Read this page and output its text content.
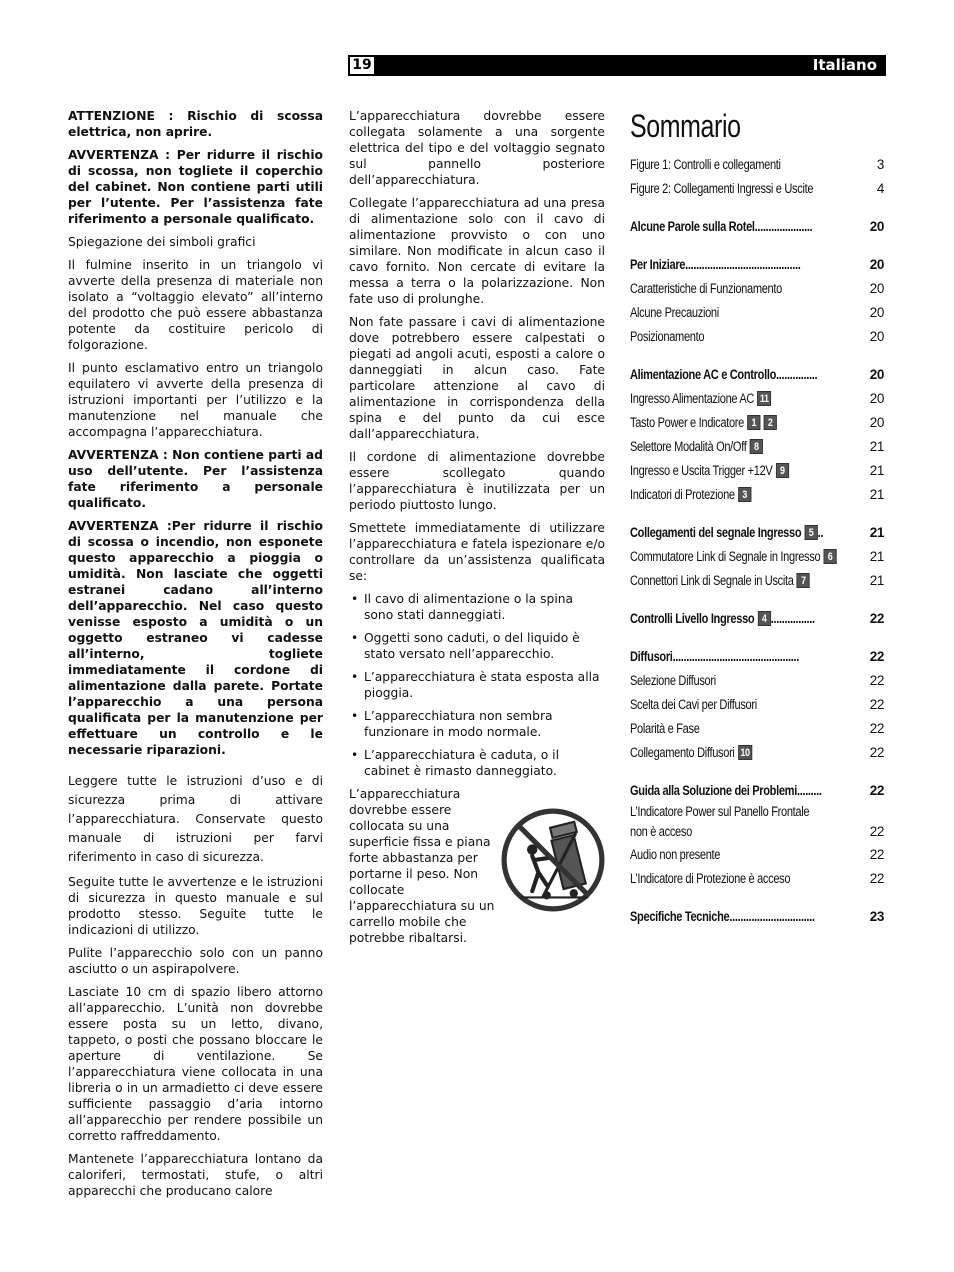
19	Italiano

ATTENZIONE : Rischio di scossa elettrica, non aprire.

AVVERTENZA : Per ridurre il rischio di scossa, non togliete il coperchio del cabinet. Non contiene parti utili per l’utente. Per l’assistenza fate riferimento a personale qualificato.

Spiegazione dei simboli grafici

Il fulmine inserito in un triangolo vi avverte della presenza di materiale non isolato a “voltaggio elevato” all’interno del prodotto che può essere abbastanza potente da costituire pericolo di folgorazione.

Il punto esclamativo entro un triangolo equilatero vi avverte della presenza di istruzioni importanti per l’utilizzo e la manutenzione nel manuale che accompagna l’apparecchiatura.

AVVERTENZA : Non contiene parti ad uso dell’utente. Per l’assistenza fate riferimento a personale qualificato.

AVVERTENZA :Per ridurre il rischio di scossa o incendio, non esponete questo apparecchio a pioggia o umidità. Non lasciate che oggetti estranei cadano all’interno dell’apparecchio. Nel caso questo venisse esposto a umidità o un oggetto estraneo vi cadesse all’interno, togliete immediatamente il cordone di alimentazione dalla parete. Portate l’apparecchio a una persona qualificata per la manutenzione per effettuare un controllo e le necessarie riparazioni.

Leggere tutte le istruzioni d’uso e di sicurezza prima di attivare l’apparecchiatura. Conservate questo manuale di istruzioni per farvi riferimento in caso di sicurezza.

Seguite tutte le avvertenze e le istruzioni di sicurezza in questo manuale e sul prodotto stesso. Seguite tutte le indicazioni di utilizzo.

Pulite l’apparecchio solo con un panno asciutto o un aspirapolvere.

Lasciate 10 cm di spazio libero attorno all’apparecchio. L’unità non dovrebbe essere posta su un letto, divano, tappeto, o posti che possano bloccare le aperture di ventilazione. Se l’apparecchiatura viene collocata in una libreria o in un armadietto ci deve essere sufficiente passaggio d’aria intorno all’apparecchio per rendere possibile un corretto raffreddamento.

Mantenete l’apparecchiatura lontano da caloriferi, termostati, stufe, o altri apparecchi che producano calore

L’apparecchiatura dovrebbe essere collegata solamente a una sorgente elettrica del tipo e del voltaggio segnato sul pannello posteriore dell’apparecchiatura.

Collegate l’apparecchiatura ad una presa di alimentazione solo con il cavo di alimentazione provvisto o con uno similare. Non modificate in alcun caso il cavo fornito. Non cercate di evitare la messa a terra o la polarizzazione. Non fate uso di prolunghe.

Non fate passare i cavi di alimentazione dove potrebbero essere calpestati o piegati ad angoli acuti, esposti a calore o danneggiati in alcun caso. Fate particolare attenzione al cavo di alimentazione in corrispondenza della spina e del punto da cui esce dall’apparecchiatura.

Il cordone di alimentazione dovrebbe essere scollegato quando l’apparecchiatura è inutilizzata per un periodo piuttosto lungo.

Smettete immediatamente di utilizzare l’apparecchiatura e fatela ispezionare e/o controllare da un’assistenza qualificata se:

• Il cavo di alimentazione o la spina sono stati danneggiati.
• Oggetti sono caduti, o del liquido è stato versato nell’apparecchio.
• L’apparecchiatura è stata esposta alla pioggia.
• L’apparecchiatura non sembra funzionare in modo normale.
• L’apparecchiatura è caduta, o il cabinet è rimasto danneggiato.

L’apparecchiatura dovrebbe essere collocata su una superficie fissa e piana forte abbastanza per portarne il peso. Non collocate l’apparecchiatura su un carrello mobile che potrebbe ribaltarsi.

Sommario
Figure 1: Controlli e collegamenti	3
Figure 2: Collegamenti Ingressi e Uscite	4
Alcune Parole sulla Rotel .....................	20
Per Iniziare ..........................................	20
Caratteristiche di Funzionamento	20
Alcune Precauzioni	20
Posizionamento	20
Alimentazione AC e Controllo ...............	20
Ingresso Alimentazione AC 11	20
Tasto Power e Indicatore 1	2	20
Selettore Modalità On/Off 8	21
Ingresso e Uscita Trigger +12V 9	21
Indicatori di Protezione 3	21
Collegamenti del segnale Ingresso 5 ..	21
Commutatore Link di Segnale in Ingresso 6	21
Connettori Link di Segnale in Uscita 7	21
Controlli Livello Ingresso 4 ................	22
Diffusori ..............................................	22
Selezione Diffusori	22
Scelta dei Cavi per Diffusori	22
Polarità e Fase	22
Collegamento Diffusori 10	22
Guida alla Soluzione dei Problemi .........	22
L’Indicatore Power sul Panello Frontale
non è acceso	22
Audio non presente	22
L’Indicatore di Protezione è acceso	22
Specifiche Tecniche ...............................	23
